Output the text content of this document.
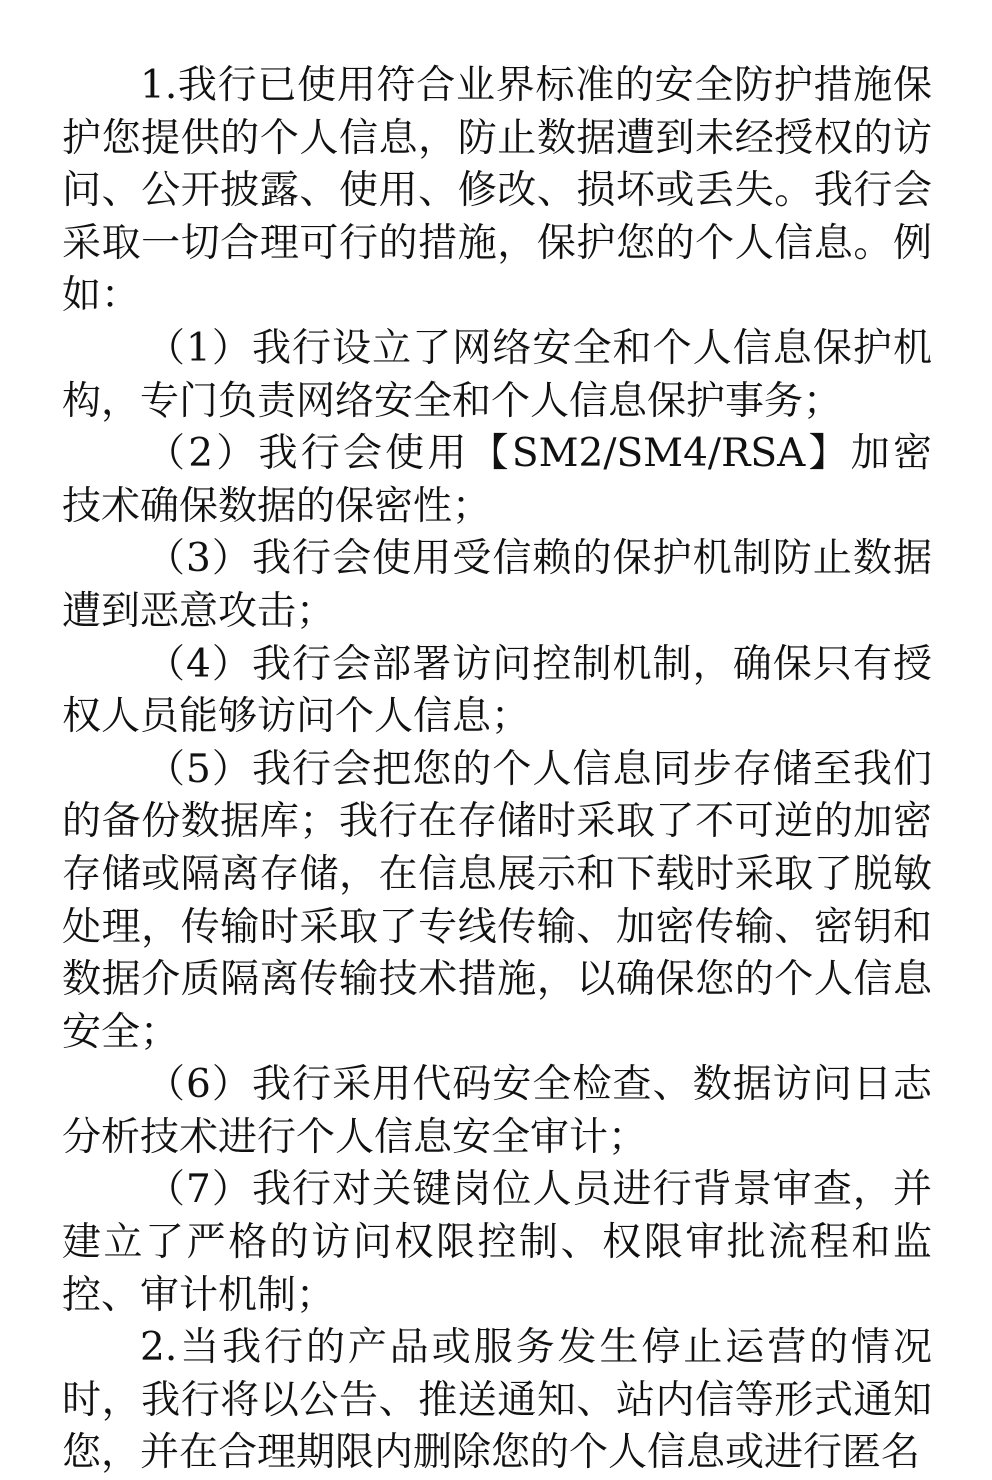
1.我行已使用符合业界标准的安全防护措施保护您提供的个人信息，防止数据遭到未经授权的访问、公开披露、使用、修改、损坏或丢失。我行会采取一切合理可行的措施，保护您的个人信息。例如：

（1）我行设立了网络安全和个人信息保护机构，专门负责网络安全和个人信息保护事务；

（2）我行会使用【SM2/SM4/RSA】加密技术确保数据的保密性；

（3）我行会使用受信赖的保护机制防止数据遭到恶意攻击；

（4）我行会部署访问控制机制，确保只有授权人员能够访问个人信息；

（5）我行会把您的个人信息同步存储至我们的备份数据库；我行在存储时采取了不可逆的加密存储或隔离存储，在信息展示和下载时采取了脱敏处理，传输时采取了专线传输、加密传输、密钥和数据介质隔离传输技术措施，以确保您的个人信息安全；

（6）我行采用代码安全检查、数据访问日志分析技术进行个人信息安全审计；

（7）我行对关键岗位人员进行背景审查，并建立了严格的访问权限控制、权限审批流程和监控、审计机制；

2.当我行的产品或服务发生停止运营的情况时，我行将以公告、推送通知、站内信等形式通知您，并在合理期限内删除您的个人信息或进行匿名
